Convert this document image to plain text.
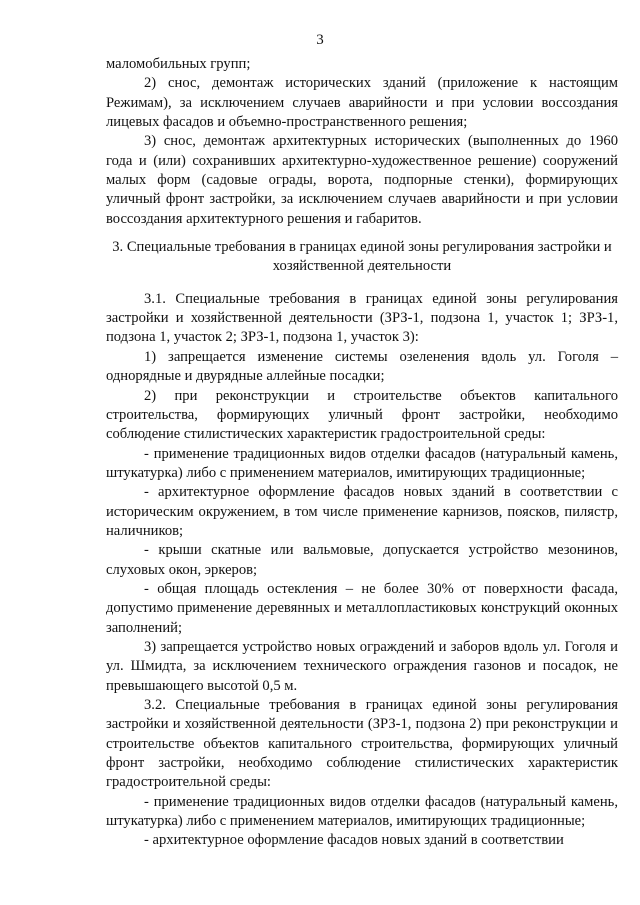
3

маломобильных групп;

2) снос, демонтаж исторических зданий (приложение к настоящим Режимам), за исключением случаев аварийности и при условии воссоздания лицевых фасадов и объемно-пространственного решения;

3) снос, демонтаж архитектурных исторических (выполненных до 1960 года и (или) сохранивших архитектурно-художественное решение) сооружений малых форм (садовые ограды, ворота, подпорные стенки), формирующих уличный фронт застройки, за исключением случаев аварийности и при условии воссоздания архитектурного решения и габаритов.

3. Специальные требования в границах единой зоны регулирования застройки и хозяйственной деятельности

3.1. Специальные требования в границах единой зоны регулирования застройки и хозяйственной деятельности (ЗРЗ-1, подзона 1, участок 1; ЗРЗ-1, подзона 1, участок 2; ЗРЗ-1, подзона 1, участок 3):

1) запрещается изменение системы озеленения вдоль ул. Гоголя – однорядные и двурядные аллейные посадки;

2) при реконструкции и строительстве объектов капитального строительства, формирующих уличный фронт застройки, необходимо соблюдение стилистических характеристик градостроительной среды:

- применение традиционных видов отделки фасадов (натуральный камень, штукатурка) либо с применением материалов, имитирующих традиционные;

- архитектурное оформление фасадов новых зданий в соответствии с историческим окружением, в том числе применение карнизов, поясков, пилястр, наличников;

- крыши скатные или вальмовые, допускается устройство мезонинов, слуховых окон, эркеров;

- общая площадь остекления – не более 30% от поверхности фасада, допустимо применение деревянных и металлопластиковых конструкций оконных заполнений;

3) запрещается устройство новых ограждений и заборов вдоль ул. Гоголя и ул. Шмидта, за исключением технического ограждения газонов и посадок, не превышающего высотой 0,5 м.

3.2. Специальные требования в границах единой зоны регулирования застройки и хозяйственной деятельности (ЗРЗ-1, подзона 2) при реконструкции и строительстве объектов капитального строительства, формирующих уличный фронт застройки, необходимо соблюдение стилистических характеристик градостроительной среды:

- применение традиционных видов отделки фасадов (натуральный камень, штукатурка) либо с применением материалов, имитирующих традиционные;

- архитектурное оформление фасадов новых зданий в соответствии
